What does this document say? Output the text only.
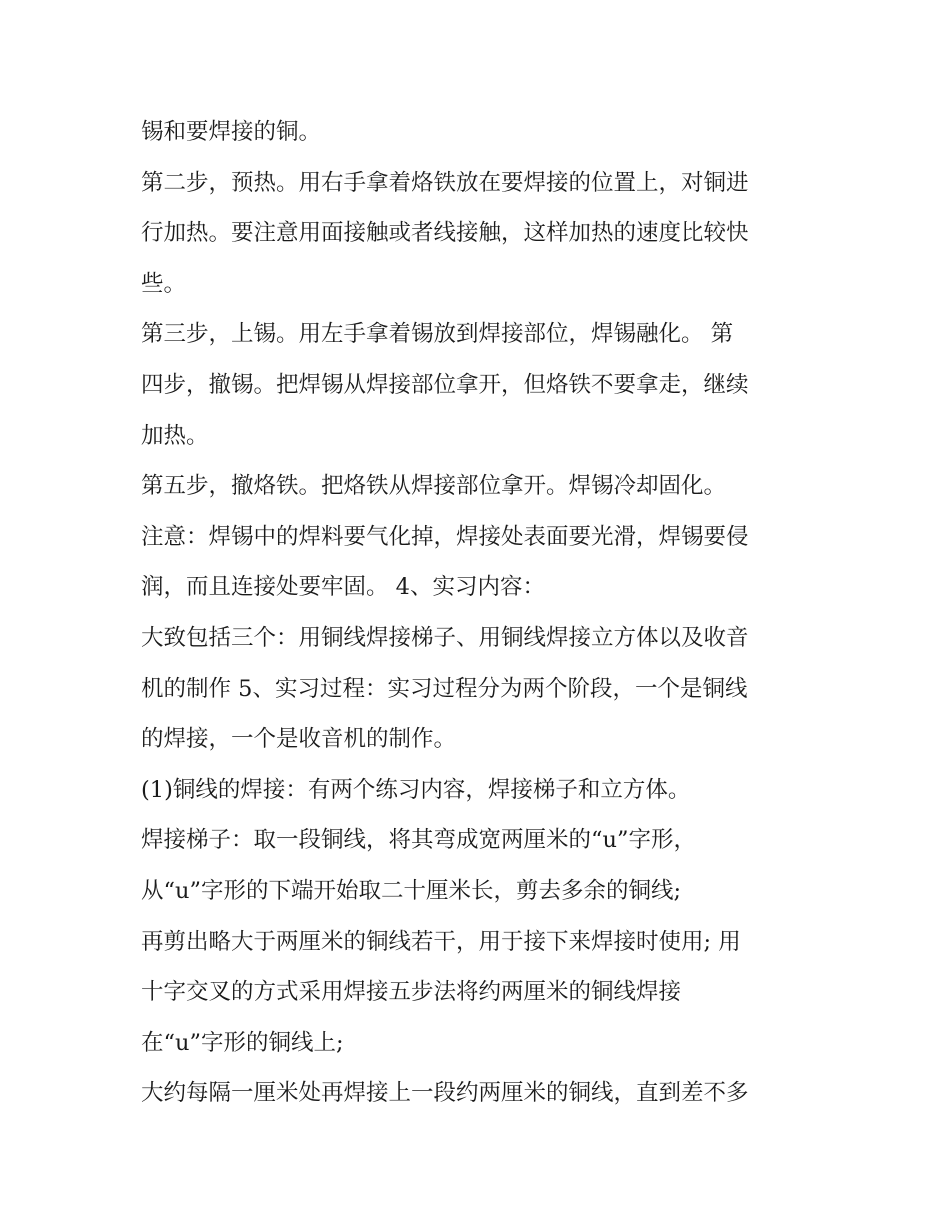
锡和要焊接的铜。
第二步，预热。用右手拿着烙铁放在要焊接的位置上，对铜进
行加热。要注意用面接触或者线接触，这样加热的速度比较快
些。
第三步，上锡。用左手拿着锡放到焊接部位，焊锡融化。 第
四步，撤锡。把焊锡从焊接部位拿开，但烙铁不要拿走，继续
加热。
第五步，撤烙铁。把烙铁从焊接部位拿开。焊锡冷却固化。
注意：焊锡中的焊料要气化掉，焊接处表面要光滑，焊锡要侵
润，而且连接处要牢固。 4、实习内容：
大致包括三个：用铜线焊接梯子、用铜线焊接立方体以及收音
机的制作 5、实习过程：实习过程分为两个阶段，一个是铜线
的焊接，一个是收音机的制作。
(1)铜线的焊接：有两个练习内容，焊接梯子和立方体。
焊接梯子：取一段铜线，将其弯成宽两厘米的“u”字形，
从“u”字形的下端开始取二十厘米长，剪去多余的铜线;
再剪出略大于两厘米的铜线若干，用于接下来焊接时使用; 用
十字交叉的方式采用焊接五步法将约两厘米的铜线焊接
在“u”字形的铜线上;
大约每隔一厘米处再焊接上一段约两厘米的铜线，直到差不多
